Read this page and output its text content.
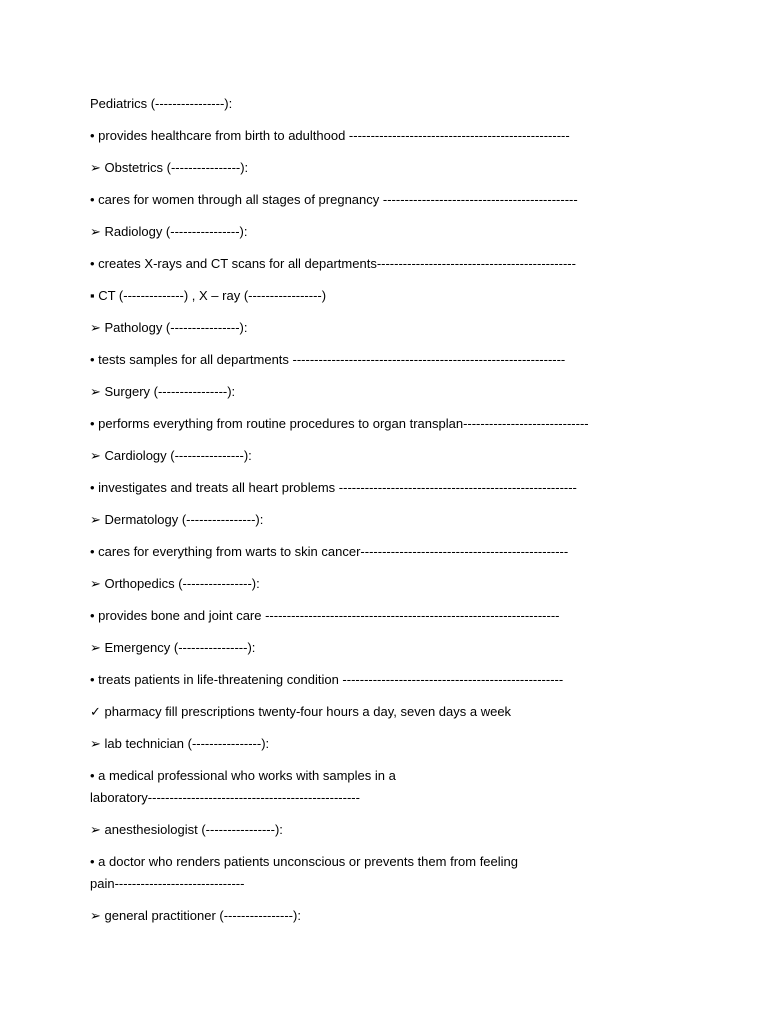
Pediatrics (----------------):
• provides healthcare from birth to adulthood ---------------------------------------------------
➢ Obstetrics (----------------):
• cares for women through all stages of pregnancy ---------------------------------------------
➢ Radiology (----------------):
• creates X-rays and CT scans for all departments----------------------------------------------
▪ CT (--------------) , X – ray (-----------------)
➢ Pathology (----------------):
• tests samples for all departments ---------------------------------------------------------------
➢ Surgery (----------------):
• performs everything from routine procedures to organ transplan-----------------------------
➢ Cardiology (----------------):
• investigates and treats all heart problems -------------------------------------------------------
➢ Dermatology (----------------):
• cares for everything from warts to skin cancer------------------------------------------------
➢ Orthopedics (----------------):
• provides bone and joint care --------------------------------------------------------------------
➢ Emergency (----------------):
• treats patients in life-threatening condition ---------------------------------------------------
✓ pharmacy fill prescriptions twenty-four hours a day, seven days a week
➢ lab technician (----------------):
• a medical professional who works with samples in a
laboratory-------------------------------------------------
➢ anesthesiologist (----------------):
• a doctor who renders patients unconscious or prevents them from feeling
pain------------------------------
➢ general practitioner (----------------):
